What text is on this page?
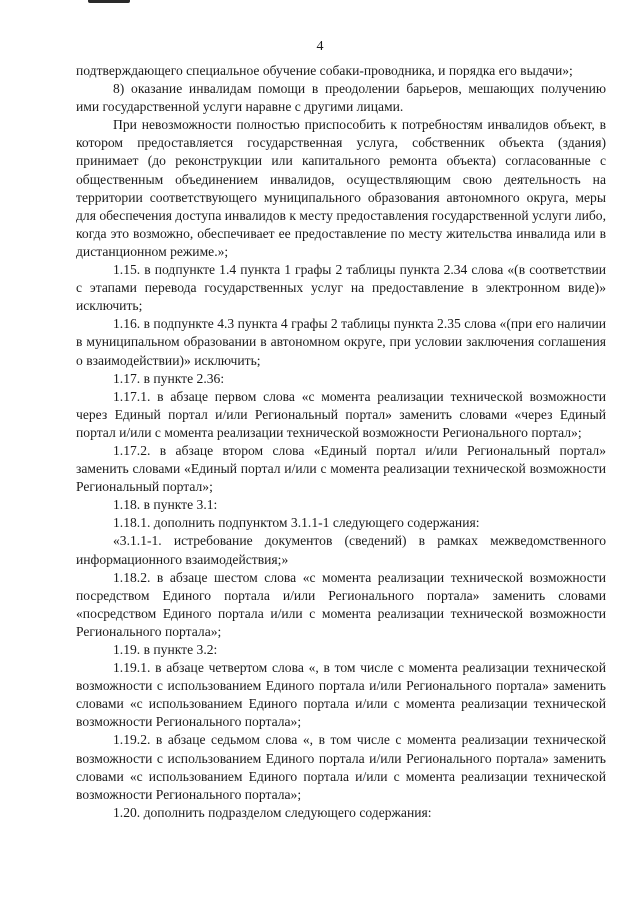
4

подтверждающего специальное обучение собаки-проводника, и порядка его выдачи»;

8) оказание инвалидам помощи в преодолении барьеров, мешающих получению ими государственной услуги наравне с другими лицами.

При невозможности полностью приспособить к потребностям инвалидов объект, в котором предоставляется государственная услуга, собственник объекта (здания) принимает (до реконструкции или капитального ремонта объекта) согласованные с общественным объединением инвалидов, осуществляющим свою деятельность на территории соответствующего муниципального образования автономного округа, меры для обеспечения доступа инвалидов к месту предоставления государственной услуги либо, когда это возможно, обеспечивает ее предоставление по месту жительства инвалида или в дистанционном режиме.»;

1.15. в подпункте 1.4 пункта 1 графы 2 таблицы пункта 2.34 слова «(в соответствии с этапами перевода государственных услуг на предоставление в электронном виде)» исключить;

1.16. в подпункте 4.3 пункта 4 графы 2 таблицы пункта 2.35 слова «(при его наличии в муниципальном образовании в автономном округе, при условии заключения соглашения о взаимодействии)» исключить;

1.17. в пункте 2.36:

1.17.1. в абзаце первом слова «с момента реализации технической возможности через Единый портал и/или Региональный портал» заменить словами «через Единый портал и/или с момента реализации технической возможности Регионального портал»;

1.17.2. в абзаце втором слова «Единый портал и/или Региональный портал» заменить словами «Единый портал и/или с момента реализации технической возможности Региональный портал»;

1.18. в пункте 3.1:

1.18.1. дополнить подпунктом 3.1.1-1 следующего содержания:

«3.1.1-1. истребование документов (сведений) в рамках межведомственного информационного взаимодействия;»

1.18.2. в абзаце шестом слова «с момента реализации технической возможности посредством Единого портала и/или Регионального портала» заменить словами «посредством Единого портала и/или с момента реализации технической возможности Регионального портала»;

1.19. в пункте 3.2:

1.19.1. в абзаце четвертом слова «, в том числе с момента реализации технической возможности с использованием Единого портала и/или Регионального портала» заменить словами «с использованием Единого портала и/или с момента реализации технической возможности Регионального портала»;

1.19.2. в абзаце седьмом слова «, в том числе с момента реализации технической возможности с использованием Единого портала и/или Регионального портала» заменить словами «с использованием Единого портала и/или с момента реализации технической возможности Регионального портала»;

1.20. дополнить подразделом следующего содержания:
